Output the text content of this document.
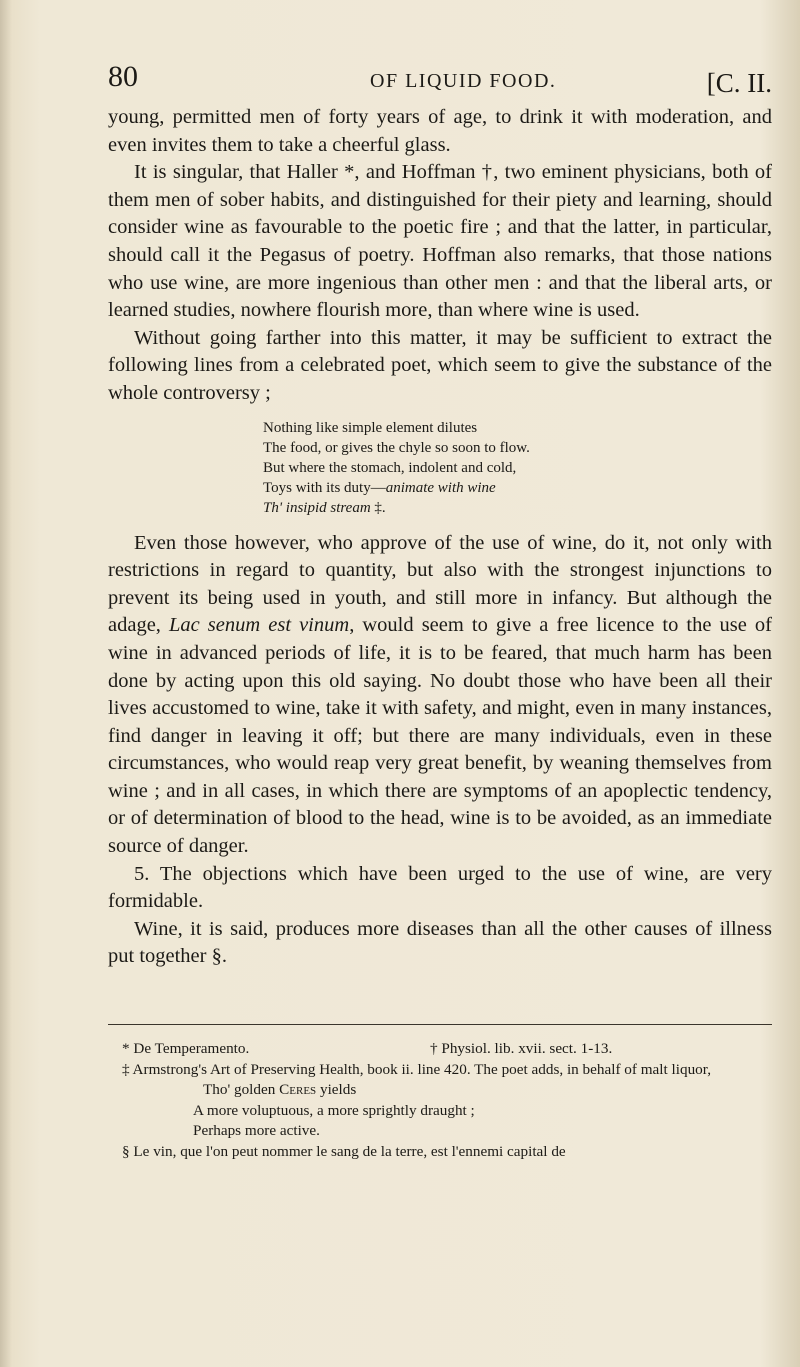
80	OF LIQUID FOOD.	[C. II.

young, permitted men of forty years of age, to drink it with moderation, and even invites them to take a cheerful glass.

It is singular, that Haller *, and Hoffman †, two eminent physicians, both of them men of sober habits, and distinguished for their piety and learning, should consider wine as favourable to the poetic fire ; and that the latter, in particular, should call it the Pegasus of poetry. Hoffman also remarks, that those nations who use wine, are more ingenious than other men : and that the liberal arts, or learned studies, nowhere flourish more, than where wine is used.

Without going farther into this matter, it may be sufficient to extract the following lines from a celebrated poet, which seem to give the substance of the whole controversy ;

Nothing like simple element dilutes
The food, or gives the chyle so soon to flow.
But where the stomach, indolent and cold,
Toys with its duty—animate with wine
Th' insipid stream ‡.

Even those however, who approve of the use of wine, do it, not only with restrictions in regard to quantity, but also with the strongest injunctions to prevent its being used in youth, and still more in infancy. But although the adage, Lac senum est vinum, would seem to give a free licence to the use of wine in advanced periods of life, it is to be feared, that much harm has been done by acting upon this old saying. No doubt those who have been all their lives accustomed to wine, take it with safety, and might, even in many instances, find danger in leaving it off; but there are many individuals, even in these circumstances, who would reap very great benefit, by weaning themselves from wine ; and in all cases, in which there are symptoms of an apoplectic tendency, or of determination of blood to the head, wine is to be avoided, as an immediate source of danger.

5. The objections which have been urged to the use of wine, are very formidable.

Wine, it is said, produces more diseases than all the other causes of illness put together §.

* De Temperamento.	† Physiol. lib. xvii. sect. 1-13.

‡ Armstrong's Art of Preserving Health, book ii. line 420. The poet adds, in behalf of malt liquor,

Tho' golden Ceres yields

A more voluptuous, a more sprightly draught ;

Perhaps more active.

§ Le vin, que l'on peut nommer le sang de la terre, est l'ennemi capital de
